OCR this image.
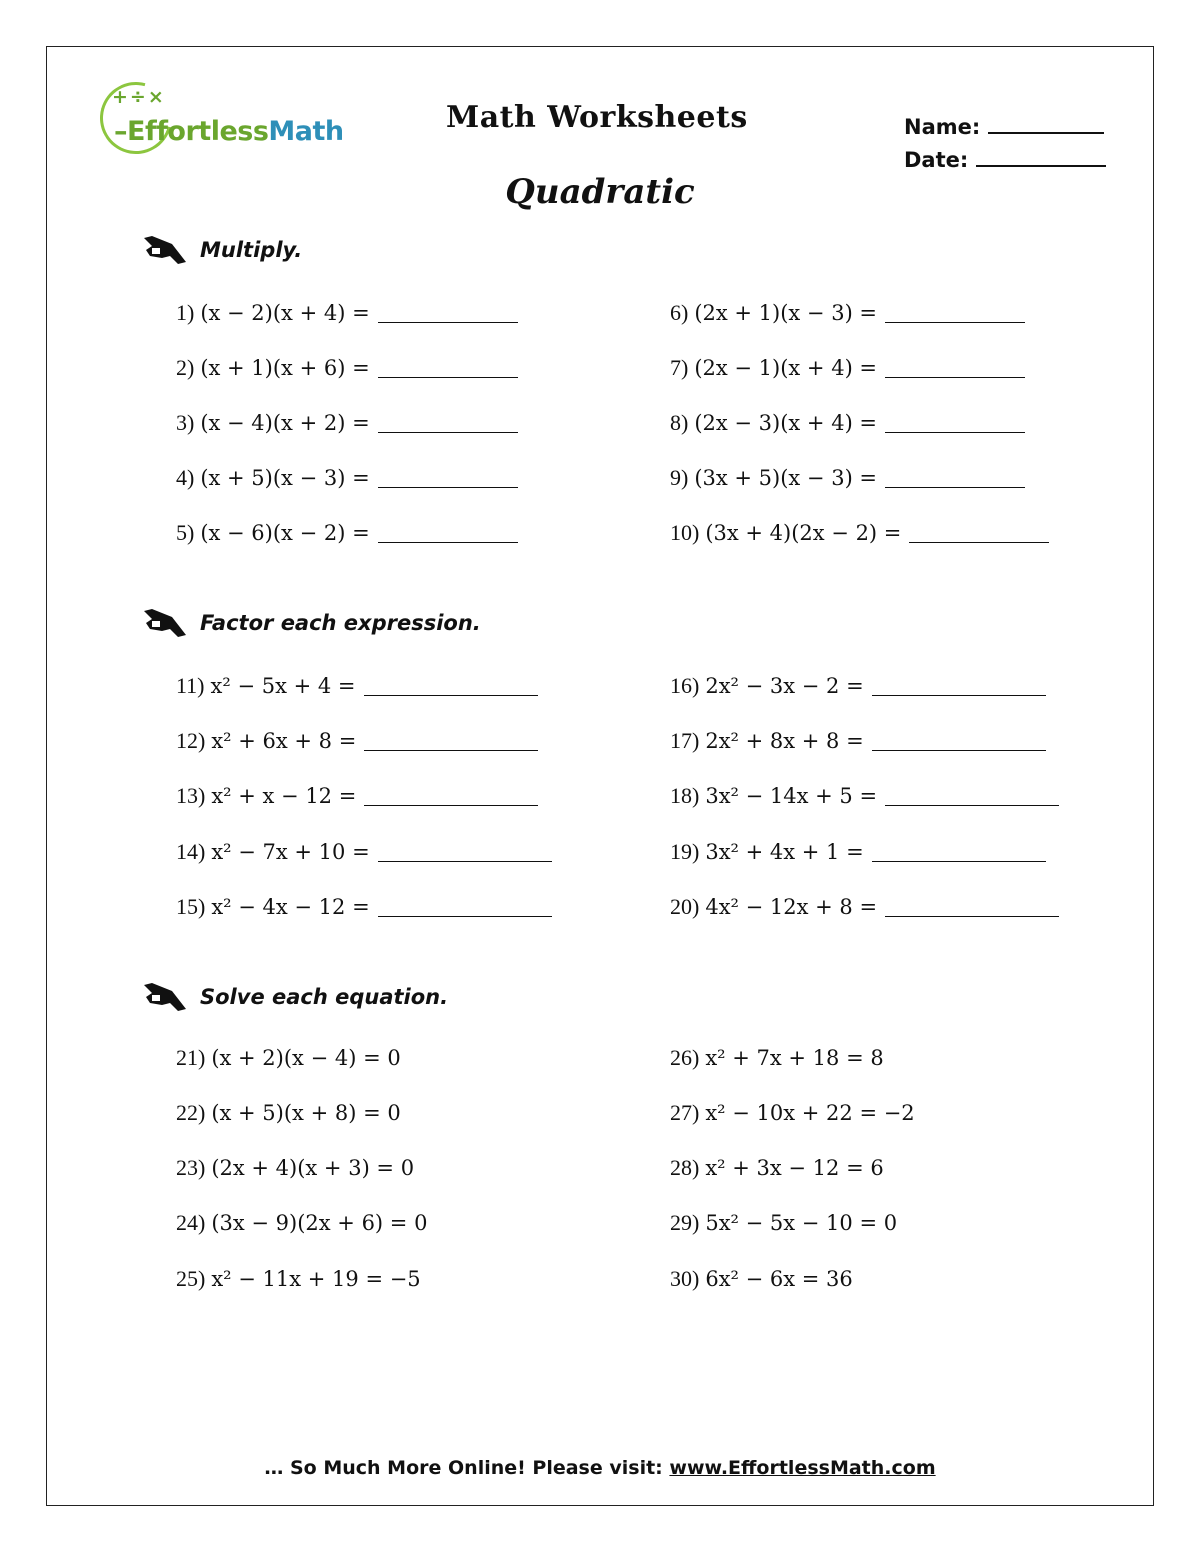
+÷×
–EffortlessMath	Math Worksheets	Name:
Date:
Quadratic
Multiply.
Factor each expression.
Solve each equation.
1) (x − 2)(x + 4) =
2) (x + 1)(x + 6) =
3) (x − 4)(x + 2) =
4) (x + 5)(x − 3) =
5) (x − 6)(x − 2) =
6) (2x + 1)(x − 3) =
7) (2x − 1)(x + 4) =
8) (2x − 3)(x + 4) =
9) (3x + 5)(x − 3) =
10) (3x + 4)(2x − 2) =
11) x² − 5x + 4 =
12) x² + 6x + 8 =
13) x² + x − 12 =
14) x² − 7x + 10 =
15) x² − 4x − 12 =
16) 2x² − 3x − 2 =
17) 2x² + 8x + 8 =
18) 3x² − 14x + 5 =
19) 3x² + 4x + 1 =
20) 4x² − 12x + 8 =
21) (x + 2)(x − 4) = 0
22) (x + 5)(x + 8) = 0
23) (2x + 4)(x + 3) = 0
24) (3x − 9)(2x + 6) = 0
25) x² − 11x + 19 = −5
26) x² + 7x + 18 = 8
27) x² − 10x + 22 = −2
28) x² + 3x − 12 = 6
29) 5x² − 5x − 10 = 0
30) 6x² − 6x = 36
… So Much More Online! Please visit: www.EffortlessMath.com
